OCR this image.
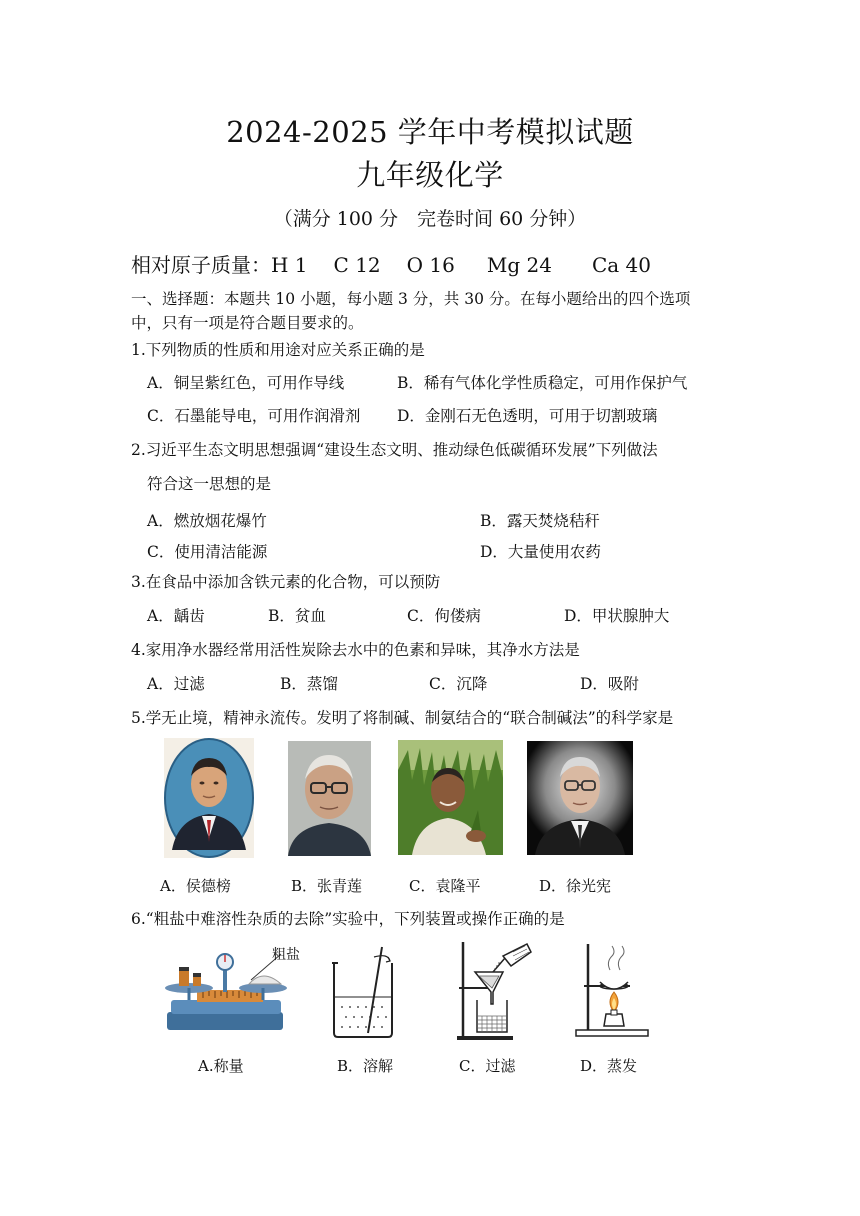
2024-2025 学年中考模拟试题
九年级化学
（满分 100 分　完卷时间 60 分钟）
相对原子质量：H 1 C 12 O 16 Mg 24 Ca 40
一、选择题：本题共 10 小题，每小题 3 分，共 30 分。在每小题给出的四个选项
中，只有一项是符合题目要求的。
1.下列物质的性质和用途对应关系正确的是
A．铜呈紫红色，可用作导线	B．稀有气体化学性质稳定，可用作保护气
C．石墨能导电，可用作润滑剂 D．金刚石无色透明，可用于切割玻璃
2.习近平生态文明思想强调“建设生态文明、推动绿色低碳循环发展”下列做法
符合这一思想的是
A．燃放烟花爆竹	B．露天焚烧秸秆
C．使用清洁能源	D．大量使用农药
3.在食品中添加含铁元素的化合物，可以预防
A．龋齿	B．贫血	C．佝偻病	D．甲状腺肿大
4.家用净水器经常用活性炭除去水中的色素和异味，其净水方法是
A．过滤	B．蒸馏	C．沉降	D．吸附
5.学无止境，精神永流传。发明了将制碱、制氨结合的“联合制碱法”的科学家是
A．侯德榜	B．张青莲	C．袁隆平	D．徐光宪
6.“粗盐中难溶性杂质的去除”实验中，下列装置或操作正确的是
粗盐
A.称量	B．溶解	C．过滤	D．蒸发
